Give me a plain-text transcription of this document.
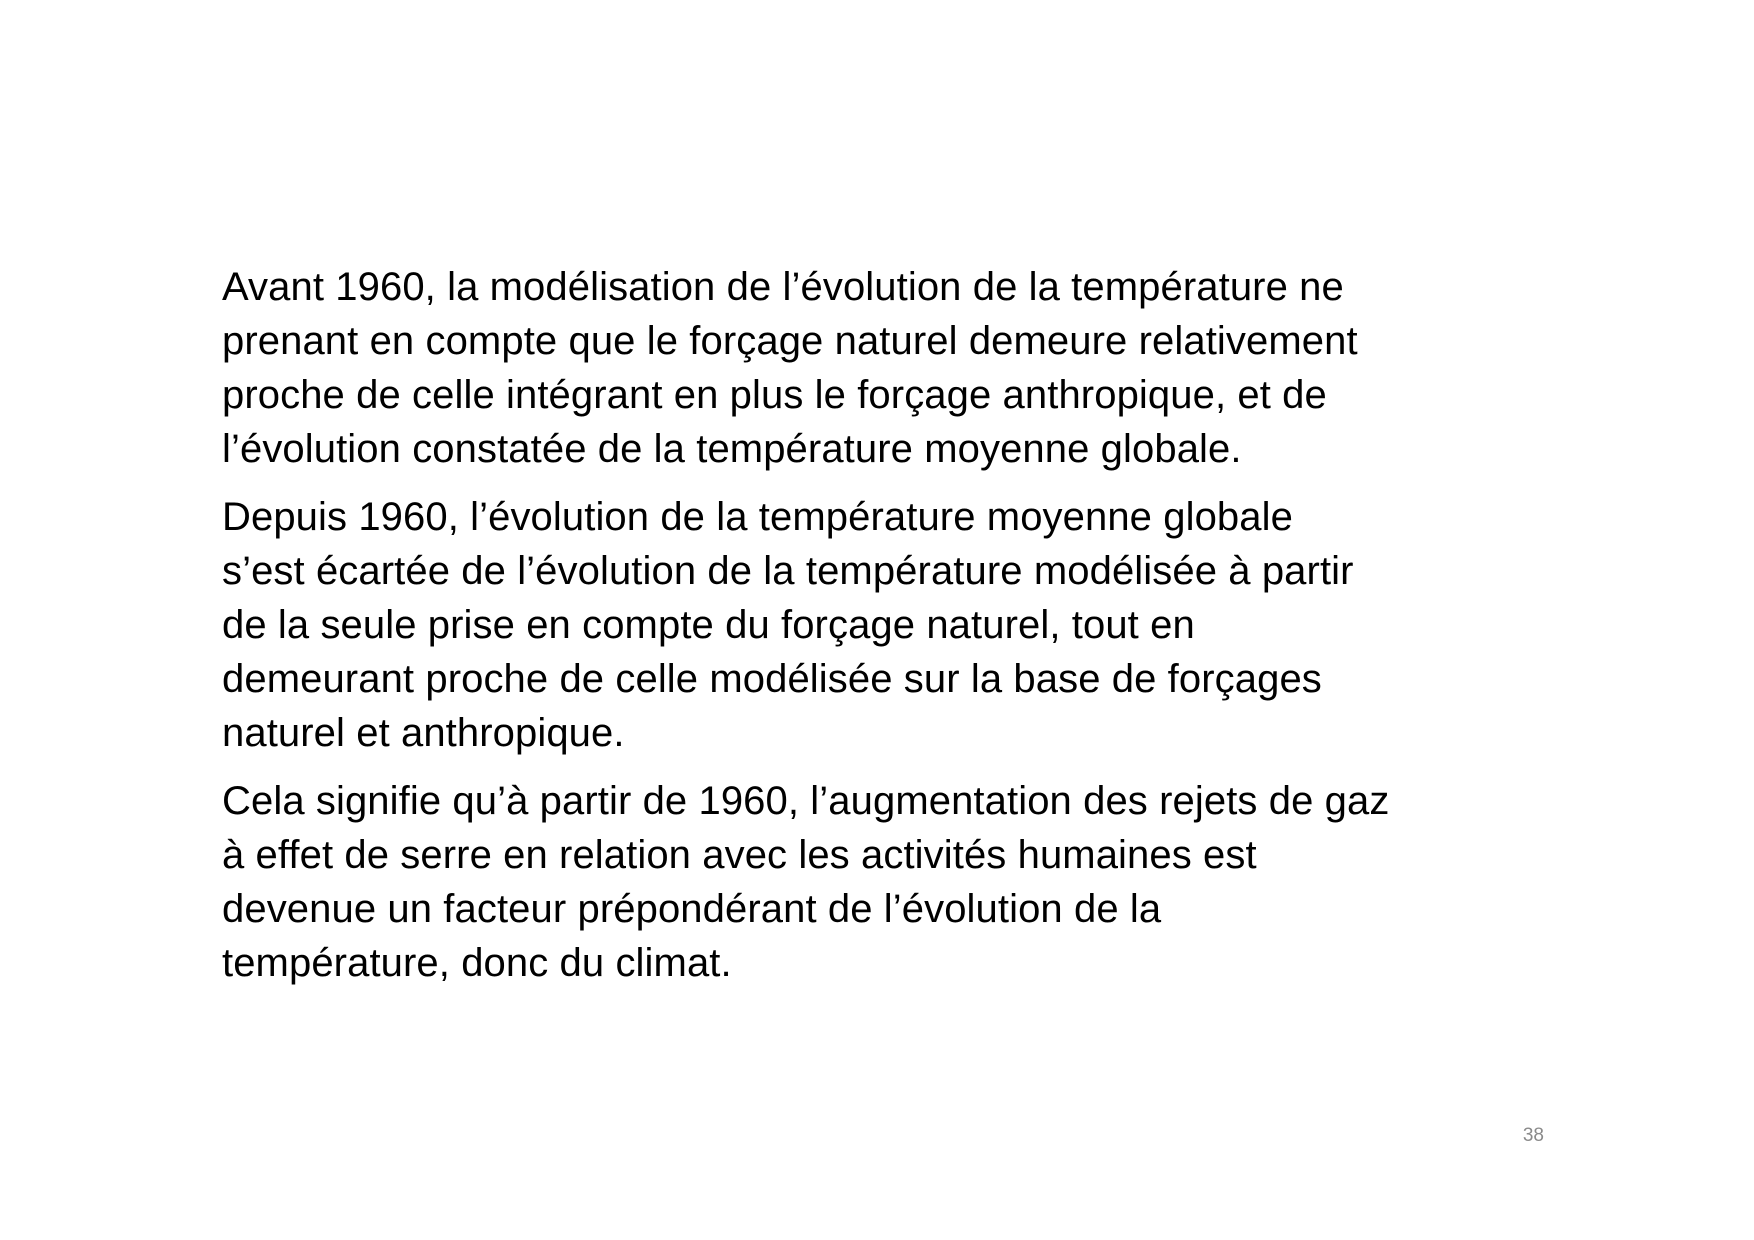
Avant 1960, la modélisation de l’évolution de la température ne
prenant en compte que le forçage naturel demeure relativement
proche de celle intégrant en plus le forçage anthropique, et de
l’évolution constatée de la température moyenne globale.

Depuis 1960, l’évolution de la température moyenne globale
s’est écartée de l’évolution de la température modélisée à partir
de la seule prise en compte du forçage naturel, tout en
demeurant proche de celle modélisée sur la base de forçages
naturel et anthropique.

Cela signifie qu’à partir de 1960, l’augmentation des rejets de gaz
à effet de serre en relation avec les activités humaines est
devenue un facteur prépondérant de l’évolution de la
température, donc du climat.

38
